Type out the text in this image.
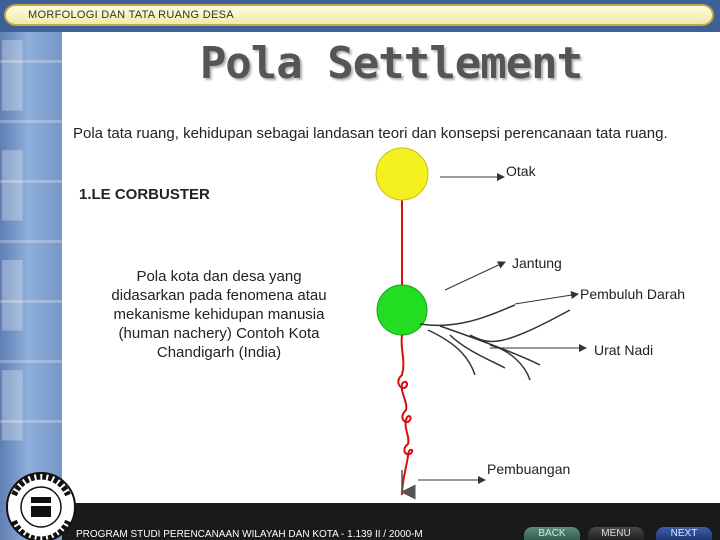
▌
▌
▌
▌
MORFOLOGI DAN TATA RUANG DESA
Pola Settlement
Pola tata ruang, kehidupan sebagai landasan teori dan konsepsi perencanaan tata ruang.
1.LE CORBUSTER
Pola kota dan desa yang didasarkan pada fenomena atau mekanisme kehidupan manusia (human nachery) Contoh Kota Chandigarh (India)
Otak
Jantung
Pembuluh Darah
Urat Nadi
Pembuangan
PROGRAM STUDI PERENCANAAN WILAYAH DAN KOTA - 1.139 II / 2000-M	BACK	MENU	NEXT
